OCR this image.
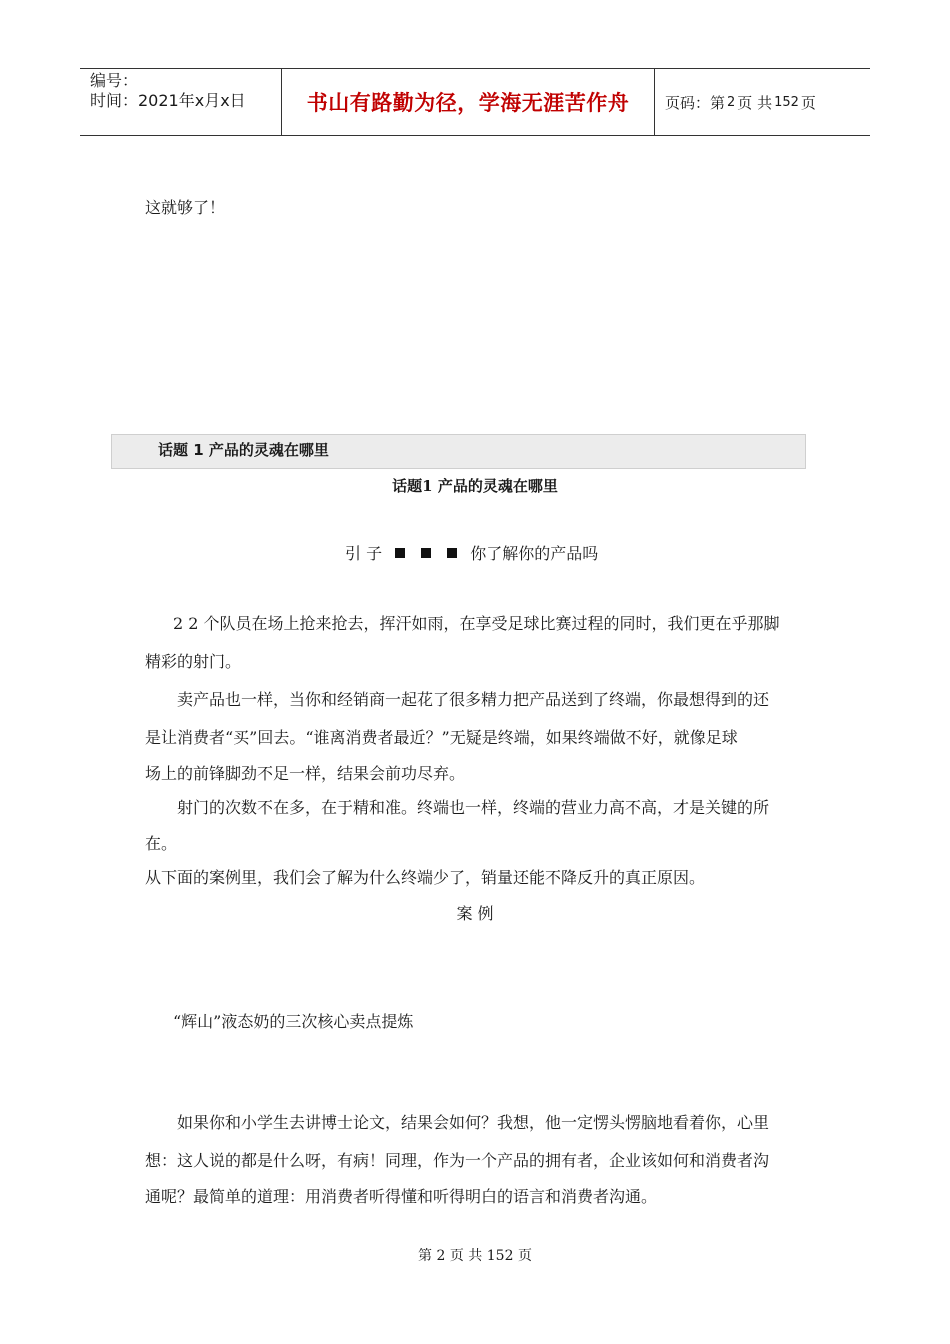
编号：
时间：2021年x月x日	书山有路勤为径，学海无涯苦作舟 页码：第 2 页 共 152 页
这就够了！
话题 1 产品的灵魂在哪里
话题1 产品的灵魂在哪里
引 子	你了解你的产品吗
2 2 个队员在场上抢来抢去，挥汗如雨，在享受足球比赛过程的同时，我们更在乎那脚
精彩的射门。
卖产品也一样，当你和经销商一起花了很多精力把产品送到了终端，你最想得到的还
是让消费者“买”回去。“谁离消费者最近？”无疑是终端，如果终端做不好，就像足球
场上的前锋脚劲不足一样，结果会前功尽弃。
射门的次数不在多，在于精和准。终端也一样，终端的营业力高不高，才是关键的所
在。
从下面的案例里，我们会了解为什么终端少了，销量还能不降反升的真正原因。
案 例
“辉山”液态奶的三次核心卖点提炼
如果你和小学生去讲博士论文，结果会如何？我想，他一定愣头愣脑地看着你，心里
想：这人说的都是什么呀，有病！同理，作为一个产品的拥有者，企业该如何和消费者沟
通呢？最简单的道理：用消费者听得懂和听得明白的语言和消费者沟通。
第 2 页 共 152 页
